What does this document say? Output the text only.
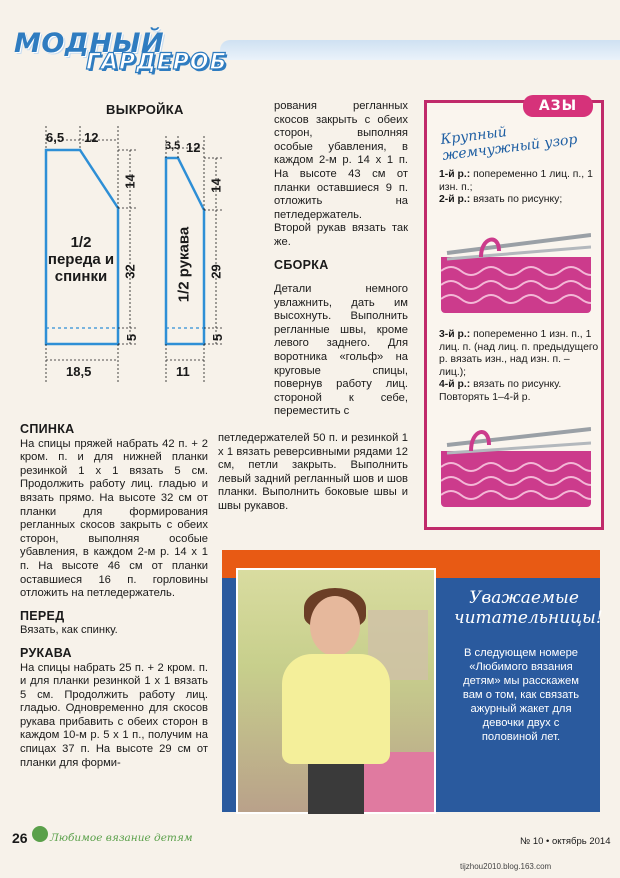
МОДНЫЙ
ГАРДЕРОБ
ВЫКРОЙКА
6,5 12
14
32
5
18,5
1/2 переда и спинки
3,5 12
14
29
5
11
1/2 рукава

рования регланных скосов закрыть с обеих сторон, выполняя особые убавления, в каждом 2-м р. 14 х 1 п. На высоте 43 см от планки оставшиеся 9 п. отложить на петледержатель.

Второй рукав вязать так же.

СБОРКА

Детали немного увлажнить, дать им высохнуть. Выполнить регланные швы, кроме левого заднего. Для воротника «гольф» на круговые спицы, повернув работу лиц. стороной к себе, переместить с

петледержателей 50 п. и резинкой 1 х 1 вязать реверсивными рядами 12 см, петли закрыть. Выполнить левый задний регланный шов и шов планки. Выполнить боковые швы и швы рукавов.

СПИНКА

На спицы пряжей набрать 42 п. + 2 кром. п. и для нижней планки резинкой 1 х 1 вязать 5 см. Продолжить работу лиц. гладью и вязать прямо. На высоте 32 см от планки для формирования регланных скосов закрыть с обеих сторон, выполняя особые убавления, в каждом 2-м р. 14 х 1 п. На высоте 46 см от планки оставшиеся 16 п. горловины отложить на петледержатель.

ПЕРЕД

Вязать, как спинку.

РУКАВА

На спицы набрать 25 п. + 2 кром. п. и для планки резинкой 1 х 1 вязать 5 см. Продолжить работу лиц. гладью. Одновременно для скосов рукава прибавить с обеих сторон в каждом 10-м р. 5 х 1 п., получим на спицах 37 п. На высоте 29 см от планки для форми-

АЗЫ
Крупный жемчужный узор
1-й р.: попеременно 1 лиц. п., 1 изн. п.;
2-й р.: вязать по рисунку;
3-й р.: попеременно 1 изн. п., 1 лиц. п. (над лиц. п. предыдущего р. вязать изн., над изн. п. – лиц.);
4-й р.: вязать по рисунку. Повторять 1–4-й р.
Уважаемые читательницы!
В следующем номере «Любимого вязания детям» мы расскажем вам о том, как связать ажурный жакет для девочки двух с половиной лет.
26 Любимое вязание детям	№ 10 • октябрь 2014
tijzhou2010.blog.163.com
